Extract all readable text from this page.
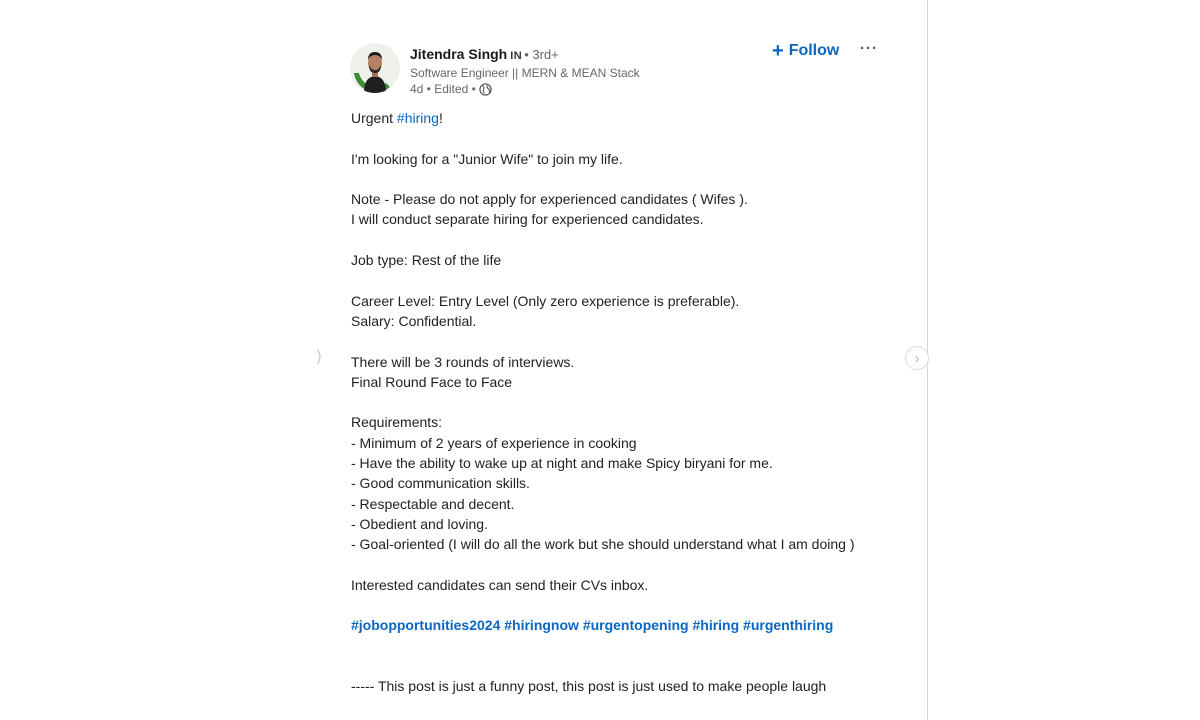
⟩	›
Jitendra Singh IN • 3rd+
Software Engineer || MERN & MEAN Stack
4d • Edited •
+ Follow ···
Urgent #hiring!
I'm looking for a "Junior Wife" to join my life.
Note - Please do not apply for experienced candidates ( Wifes ).
I will conduct separate hiring for experienced candidates.
Job type: Rest of the life
Career Level: Entry Level (Only zero experience is preferable).
Salary: Confidential.
There will be 3 rounds of interviews.
Final Round Face to Face
Requirements:
- Minimum of 2 years of experience in cooking
- Have the ability to wake up at night and make Spicy biryani for me.
- Good communication skills.
- Respectable and decent.
- Obedient and loving.
- Goal-oriented (I will do all the work but she should understand what I am doing )
Interested candidates can send their CVs inbox.
#jobopportunities2024 #hiringnow #urgentopening #hiring #urgenthiring
----- This post is just a funny post, this post is just used to make people laugh
